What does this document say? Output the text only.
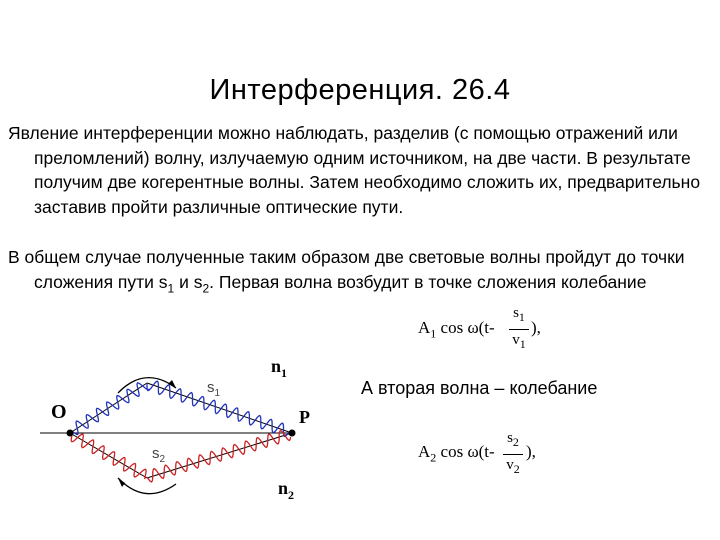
Интерференция. 26.4
Явление интерференции можно наблюдать, разделив (с помощью отражений или преломлений) волну, излучаемую одним источником, на две части. В результате получим две когерентные волны. Затем необходимо сложить их, предварительно заставив пройти различные оптические пути.
В общем случае полученные таким образом две световые волны пройдут до точки сложения пути $s_1$ и $s_2$. Первая волна возбудит в точке сложения колебание
$A_1$ cos ω(t-
$s_1$
$v_1$
),
А вторая волна – колебание
$A_2$ cos ω(t-
$s_2$
$v_2$
),
O	P
$n_1$
$n_2$
$s_1$
$s_2$
